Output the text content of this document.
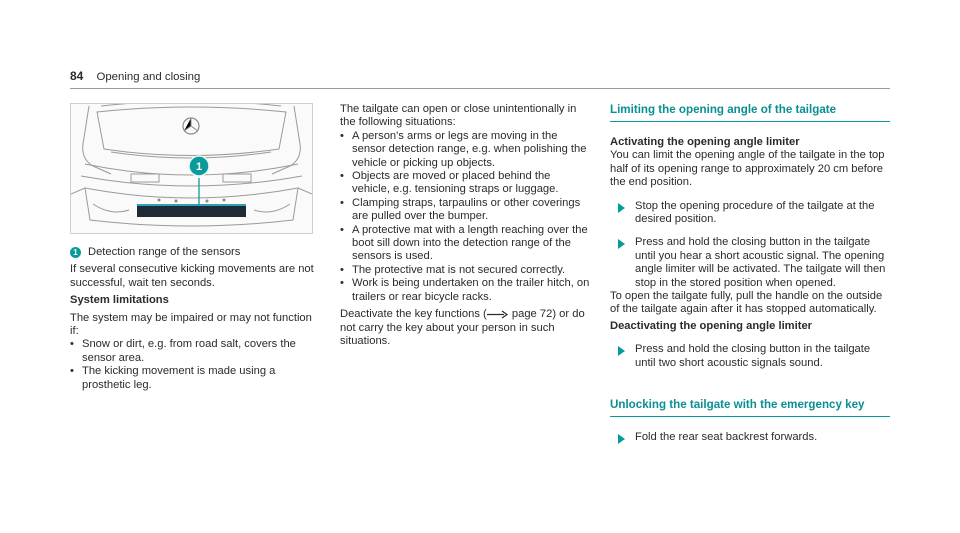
84 Opening and closing
1
1 Detection range of the sensors

If several consecutive kicking movements are not successful, wait ten seconds.

System limitations

The system may be impaired or may not function if:

• Snow or dirt, e.g. from road salt, covers the sensor area.
• The kicking movement is made using a prosthetic leg.

The tailgate can open or close unintentionally in the following situations:

• A person's arms or legs are moving in the sensor detection range, e.g. when polishing the vehicle or picking up objects.
• Objects are moved or placed behind the vehicle, e.g. tensioning straps or luggage.
• Clamping straps, tarpaulins or other coverings are pulled over the bumper.
• A protective mat with a length reaching over the boot sill down into the detection range of the sensors is used.
• The protective mat is not secured correctly.
• Work is being undertaken on the trailer hitch, on trailers or rear bicycle racks.

Deactivate the key functions ( page 72) or do not carry the key about your person in such situations.

Limiting the opening angle of the tailgate

Activating the opening angle limiter

You can limit the opening angle of the tailgate in the top half of its opening range to approximately 20 cm before the end position.

Stop the opening procedure of the tailgate at the desired position.

Press and hold the closing button in the tailgate until you hear a short acoustic signal. The opening angle limiter will be activated. The tailgate will then stop in the stored position when opened.

To open the tailgate fully, pull the handle on the outside of the tailgate again after it has stopped automatically.

Deactivating the opening angle limiter

Press and hold the closing button in the tailgate until two short acoustic signals sound.

Unlocking the tailgate with the emergency key

Fold the rear seat backrest forwards.
